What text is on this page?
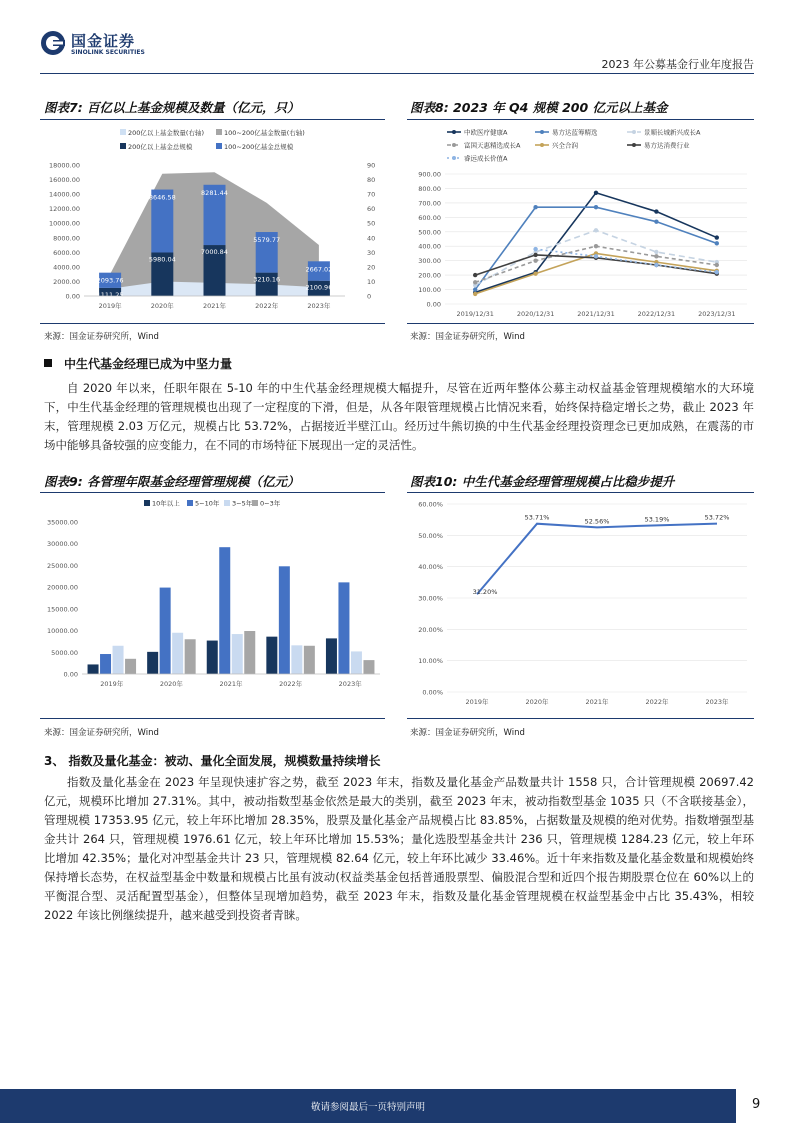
国金证券
SINOLINK SECURITIES
2023 年公募基金行业年度报告
图表7: 百亿以上基金规模及数量（亿元，只）
200亿以上基金数量(右轴)	100~200亿基金数量(右轴)
200亿以上基金总规模	100~200亿基金总规模
18000.00
16000.00
14000.00
12000.00
10000.00
8000.00
6000.00
4000.00
2000.00
0.00
90
80
70
60
50
40
30
20
10
0
1111.25
2093.76
2019年
5980.04
8646.58
2020年
7000.84
8281.44
2021年
3210.16
5579.77
2022年
2100.96
2667.02
2023年
来源：国金证券研究所，Wind
图表8: 2023 年 Q4 规模 200 亿元以上基金
中欧医疗健康A	易方达蓝筹精选	景顺长城新兴成长A
富国天惠精选成长A	兴全合润	易方达消费行业
睿远成长价值A
900.00
800.00
700.00
600.00
500.00
400.00
300.00
200.00
100.00
0.00
2019/12/31	2020/12/31	2021/12/31	2022/12/31	2023/12/31
来源：国金证券研究所，Wind
中生代基金经理已成为中坚力量
自 2020 年以来，任职年限在 5-10 年的中生代基金经理规模大幅提升，尽管在近两年整体公募主动权益基金管理规模缩水的大环境下，中生代基金经理的管理规模也出现了一定程度的下滑，但是，从各年限管理规模占比情况来看，始终保持稳定增长之势，截止 2023 年末，管理规模 2.03 万亿元，规模占比 53.72%，占据接近半壁江山。经历过牛熊切换的中生代基金经理投资理念已更加成熟，在震荡的市场中能够具备较强的应变能力，在不同的市场特征下展现出一定的灵活性。
图表9: 各管理年限基金经理管理规模（亿元）
10年以上 5~10年 3~5年 0~3年
35000.00
30000.00
25000.00
20000.00
15000.00
10000.00
5000.00
0.00
2019年	2020年	2021年	2022年	2023年
来源：国金证券研究所，Wind
图表10: 中生代基金经理管理规模占比稳步提升
60.00%
50.00%
40.00%
30.00%
20.00%
10.00%
0.00%
31.20%
2019年
53.71%
2020年
52.56%
2021年
53.19%
2022年
53.72%
2023年
来源：国金证券研究所，Wind
3、 指数及量化基金：被动、量化全面发展，规模数量持续增长
指数及量化基金在 2023 年呈现快速扩容之势，截至 2023 年末，指数及量化基金产品数量共计 1558 只，合计管理规模 20697.42 亿元，规模环比增加 27.31%。其中，被动指数型基金依然是最大的类别，截至 2023 年末，被动指数型基金 1035 只（不含联接基金），管理规模 17353.95 亿元，较上年环比增加 28.35%，股票及量化基金产品规模占比 83.85%，占据数量及规模的绝对优势。指数增强型基金共计 264 只，管理规模 1976.61 亿元，较上年环比增加 15.53%；量化选股型基金共计 236 只，管理规模 1284.23 亿元，较上年环比增加 42.35%；量化对冲型基金共计 23 只，管理规模 82.64 亿元，较上年环比减少 33.46%。近十年来指数及量化基金数量和规模始终保持增长态势，在权益型基金中数量和规模占比虽有波动(权益类基金包括普通股票型、偏股混合型和近四个报告期股票仓位在 60%以上的平衡混合型、灵活配置型基金），但整体呈现增加趋势，截至 2023 年末，指数及量化基金管理规模在权益型基金中占比 35.43%，相较 2022 年该比例继续提升，越来越受到投资者青睐。
敬请参阅最后一页特别声明	9
